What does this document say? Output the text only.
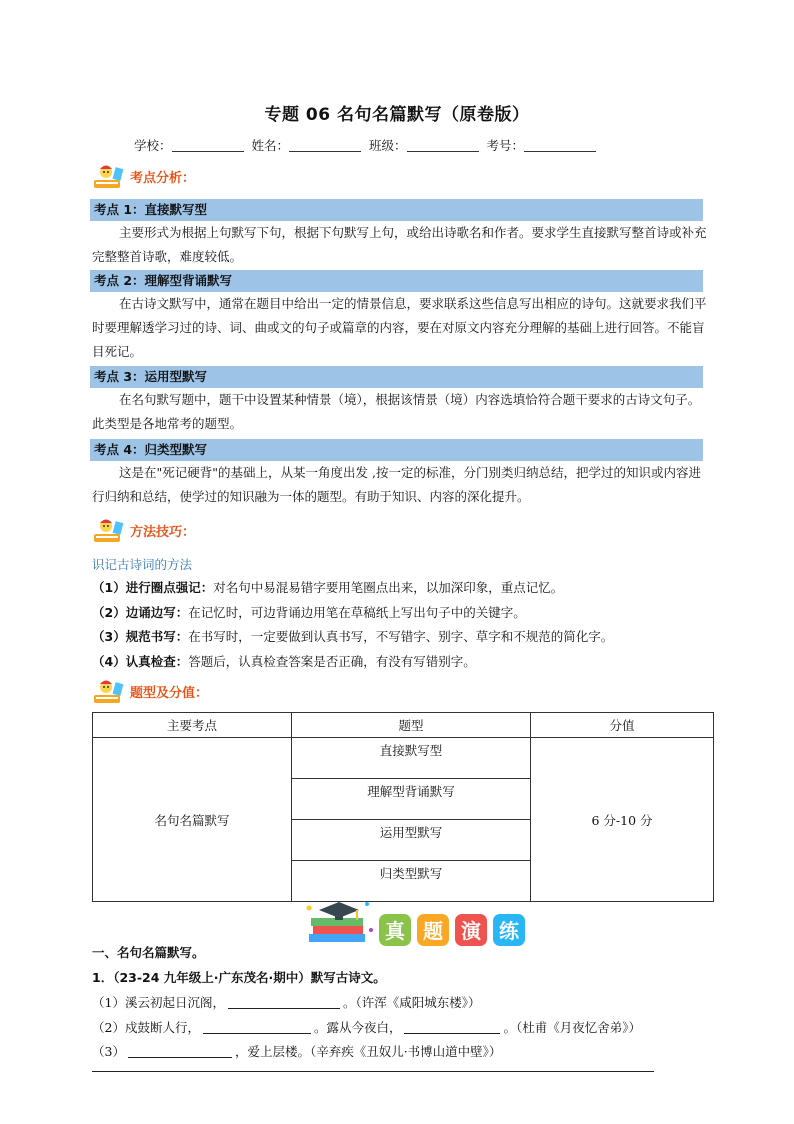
专题 06 名句名篇默写（原卷版）
学校：	姓名：	班级：	考号：
考点分析：
考点 1：直接默写型

主要形式为根据上句默写下句，根据下句默写上句，或给出诗歌名和作者。要求学生直接默写整首诗或补充完整整首诗歌，难度较低。

考点 2：理解型背诵默写

在古诗文默写中，通常在题目中给出一定的情景信息，要求联系这些信息写出相应的诗句。这就要求我们平时要理解透学习过的诗、词、曲或文的句子或篇章的内容，要在对原文内容充分理解的基础上进行回答。不能盲目死记。

考点 3：运用型默写

在名句默写题中，题干中设置某种情景（境），根据该情景（境）内容选填恰符合题干要求的古诗文句子。此类型是各地常考的题型。

考点 4：归类型默写

这是在"死记硬背"的基础上，从某一角度出发 ,按一定的标准，分门别类归纳总结，把学过的知识或内容进行归纳和总结，使学过的知识融为一体的题型。有助于知识、内容的深化提升。

方法技巧：
识记古诗词的方法
（1）进行圈点强记：对名句中易混易错字要用笔圈点出来，以加深印象，重点记忆。
（2）边诵边写：在记忆时，可边背诵边用笔在草稿纸上写出句子中的关键字。
（3）规范书写：在书写时，一定要做到认真书写，不写错字、别字、草字和不规范的简化字。
（4）认真检查：答题后，认真检查答案是否正确，有没有写错别字。
题型及分值：
主要考点	题型	分值
名句名篇默写	直接默写型	6 分-10 分
	理解型背诵默写	
	运用型默写	
	归类型默写	
真 题 演 练
一、名句名篇默写。
1．（23-24 九年级上·广东茂名·期中）默写古诗文。
（1）溪云初起日沉阁，	。（许浑《咸阳城东楼》）
（2）戍鼓断人行，	。露从今夜白，	。（杜甫《月夜忆舍弟》）
（3）	，爱上层楼。（辛弃疾《丑奴儿·书博山道中壁》）
